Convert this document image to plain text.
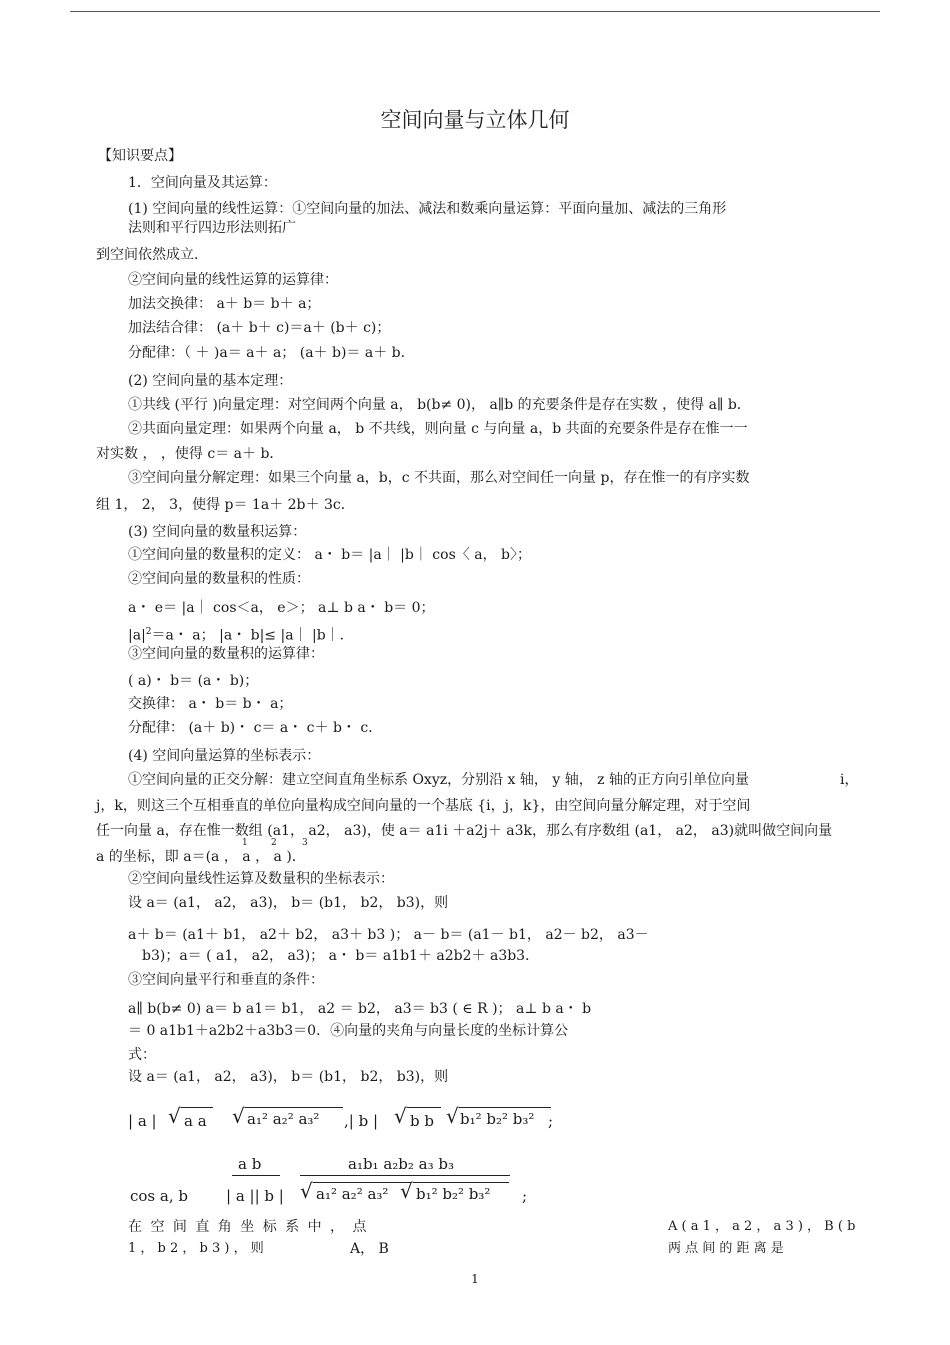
空间向量与立体几何
【知识要点】
1．空间向量及其运算：
(1) 空间向量的线性运算：①空间向量的加法、减法和数乘向量运算：平面向量加、减法的三角形
法则和平行四边形法则拓广
到空间依然成立．
②空间向量的线性运算的运算律：
加法交换律： a＋ b＝ b＋ a；
加法结合律： (a＋ b＋ c)＝a＋ (b＋ c)；
分配律：（ ＋ )a＝ a＋ a； (a＋ b)＝ a＋ b．
(2) 空间向量的基本定理：
①共线 (平行 )向量定理：对空间两个向量 a， b(b≠ 0)， a∥b 的充要条件是存在实数 ，使得 a∥ b．
②共面向量定理：如果两个向量 a， b 不共线，则向量 c 与向量 a，b 共面的充要条件是存在惟一一
对实数 ， ，使得 c＝ a＋ b．
③空间向量分解定理：如果三个向量 a，b，c 不共面，那么对空间任一向量 p，存在惟一的有序实数
组 1， 2， 3，使得 p＝ 1a＋ 2b＋ 3c．
(3) 空间向量的数量积运算：
①空间向量的数量积的定义： a・ b＝ |a｜ |b｜ cos〈 a， b〉；
②空间向量的数量积的性质：
a・ e＝ |a｜ cos＜a， e＞； a⊥ b a・ b＝ 0；
$|a|^2=a$・ a； |a・ b|≤ |a｜ |b｜．
③空间向量的数量积的运算律：
( a)・ b＝ (a・ b)；
交换律： a・ b＝ b・ a；
分配律： (a＋ b)・ c＝ a・ c＋ b・ c．
(4) 空间向量运算的坐标表示：
①空间向量的正交分解：建立空间直角坐标系 Oxyz，分别沿 x 轴， y 轴， z 轴的正方向引单位向量	i，
j，k，则这三个互相垂直的单位向量构成空间向量的一个基底 {i，j，k}，由空间向量分解定理，对于空间
任一向量 a，存在惟一数组 (a1， a2， a3)，使 a＝ a1i ＋a2j＋ a3k，那么有序数组 (a1， a2， a3)就叫做空间向量
1	2	3
a 的坐标，即 a＝(a ， a ， a )．
②空间向量线性运算及数量积的坐标表示：
设 a＝ (a1， a2， a3)， b＝ (b1， b2， b3)，则
a＋ b＝ (a1＋ b1， a2＋ b2， a3＋ b3 )； a－ b＝ (a1－ b1， a2－ b2， a3－
b3)；a＝ ( a1， a2， a3)； a・ b＝ a1b1＋ a2b2＋ a3b3．
③空间向量平行和垂直的条件：
a∥ b(b≠ 0) a＝ b a1＝ b1， a2 ＝ b2， a3＝ b3 ( ∈ R )； a⊥ b a・ b
＝ 0 a1b1＋a2b2＋a3b3＝0．④向量的夹角与向量长度的坐标计算公
式：
设 a＝ (a1， a2， a3)， b＝ (b1， b2， b3)，则
| a | √ a a √ a₁² a₂² a₃² ,| b | √ b b √ b₁² b₂² b₃² ;
cos a, b
a b
| a || b |
a₁b₁ a₂b₂ a₃ b₃
√ a₁² a₂² a₃² √ b₁² b₂² b₃² ;
在 空 间 直 角 坐 标 系 中 ， 点	A ( a 1 ， a 2 ， a 3 ) ， B ( b
1 ， b 2 ， b 3 ) ， 则	A， B	两 点 间 的 距 离 是
1
